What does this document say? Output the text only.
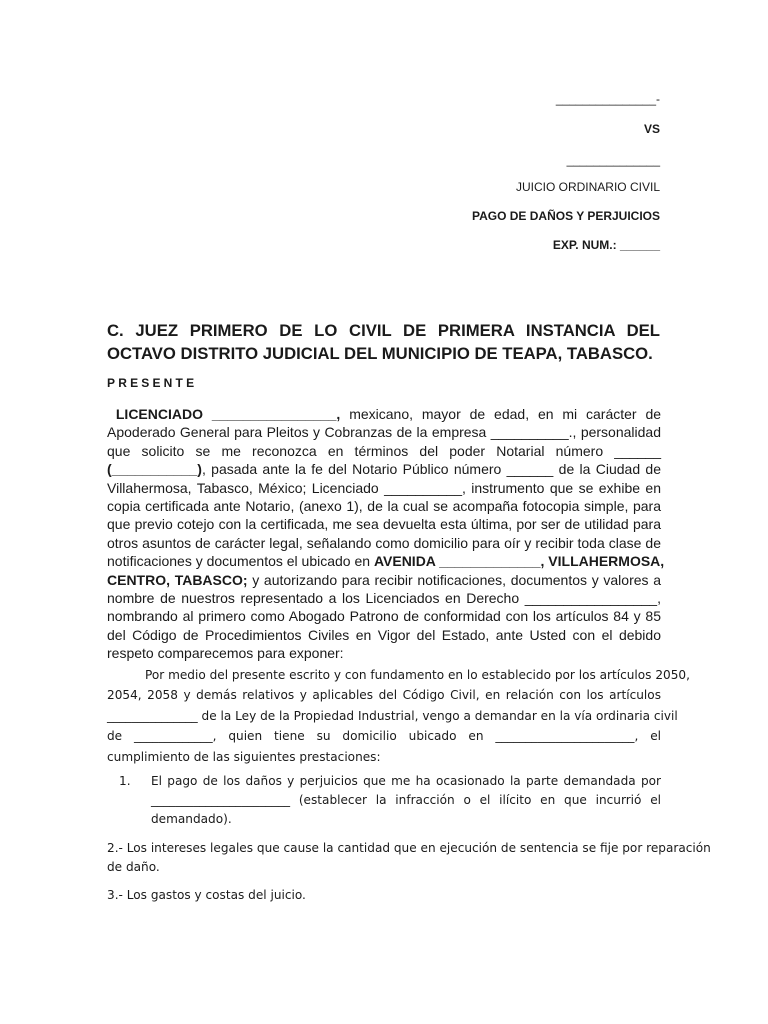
_______________-
VS
______________
JUICIO ORDINARIO CIVIL
PAGO DE DAÑOS Y PERJUICIOS
EXP. NUM.: ______
C. JUEZ PRIMERO DE LO CIVIL DE PRIMERA INSTANCIA DEL
OCTAVO DISTRITO JUDICIAL DEL MUNICIPIO DE TEAPA, TABASCO.
PRESENTE
LICENCIADO ________________, mexicano, mayor de edad, en mi carácter de
Apoderado General para Pleitos y Cobranzas de la empresa __________., personalidad
que solicito se me reconozca en términos del poder Notarial número ______
(___________), pasada ante la fe del Notario Público número ______ de la Ciudad de
Villahermosa, Tabasco, México; Licenciado __________, instrumento que se exhibe en
copia certificada ante Notario, (anexo 1), de la cual se acompaña fotocopia simple, para
que previo cotejo con la certificada, me sea devuelta esta última, por ser de utilidad para
otros asuntos de carácter legal, señalando como domicilio para oír y recibir toda clase de
notificaciones y documentos el ubicado en AVENIDA _____________, VILLAHERMOSA,
CENTRO, TABASCO; y autorizando para recibir notificaciones, documentos y valores a
nombre de nuestros representado a los Licenciados en Derecho _________________,
nombrando al primero como Abogado Patrono de conformidad con los artículos 84 y 85
del Código de Procedimientos Civiles en Vigor del Estado, ante Usted con el debido
respeto comparecemos para exponer:
Por medio del presente escrito y con fundamento en lo establecido por los artículos 2050,
2054, 2058 y demás relativos y aplicables del Código Civil, en relación con los artículos
_______________ de la Ley de la Propiedad Industrial, vengo a demandar en la vía ordinaria civil
de _____________, quien tiene su domicilio ubicado en _______________________, el
cumplimiento de las siguientes prestaciones:
1. El pago de los daños y perjuicios que me ha ocasionado la parte demandada por
_______________________ (establecer la infracción o el ilícito en que incurrió el
demandado).
2.- Los intereses legales que cause la cantidad que en ejecución de sentencia se fije por reparación
de daño.
3.- Los gastos y costas del juicio.
